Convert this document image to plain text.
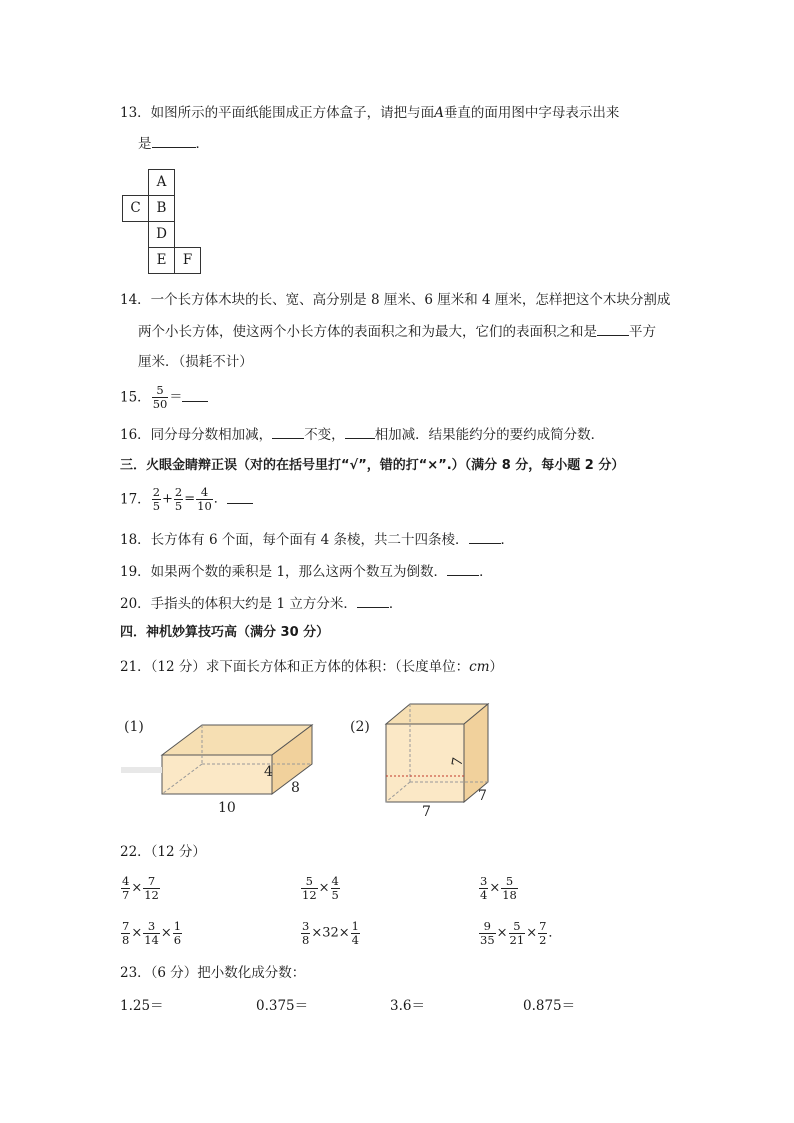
13．如图所示的平面纸能围成正方体盒子，请把与面A垂直的面用图中字母表示出来
是	．
A
C	B
D
E	F
14．一个长方体木块的长、宽、高分别是 8 厘米、6 厘米和 4 厘米，怎样把这个木块分割成
两个小长方体，使这两个小长方体的表面积之和为最大，它们的表面积之和是 平方
厘米．（损耗不计）
15． $\frac{5}{50}$ ＝
16．同分母分数相加减， 不变， 相加减．结果能约分的要约成简分数．
三．火眼金睛辩正误（对的在括号里打“√”，错的打“×”.）（满分 8 分，每小题 2 分）
17． $\frac{2}{5} + \frac{2}{5} = \frac{4}{10}$ ．
18．长方体有 6 个面，每个面有 4 条棱，共二十四条棱． ．
19．如果两个数的乘积是 1，那么这两个数互为倒数． ．
20．手指头的体积大约是 1 立方分米． ．
四．神机妙算技巧高（满分 30 分）
21．（12 分）求下面长方体和正方体的体积：（长度单位：cm）
(1)
4
8
10
(2)
7
7
7
22．（12 分）
$\frac{4}{7} \times \frac{7}{12}$	$\frac{5}{12} \times \frac{4}{5}$	$\frac{3}{4} \times \frac{5}{18}$
$\frac{7}{8} \times \frac{3}{14} \times \frac{1}{6}$	$\frac{3}{8} \times 32\times \frac{1}{4}$	$\frac{9}{35} \times \frac{5}{21} \times \frac{7}{2}$ ．
23．（6 分）把小数化成分数：
1.25＝	0.375＝	3.6＝	0.875＝
